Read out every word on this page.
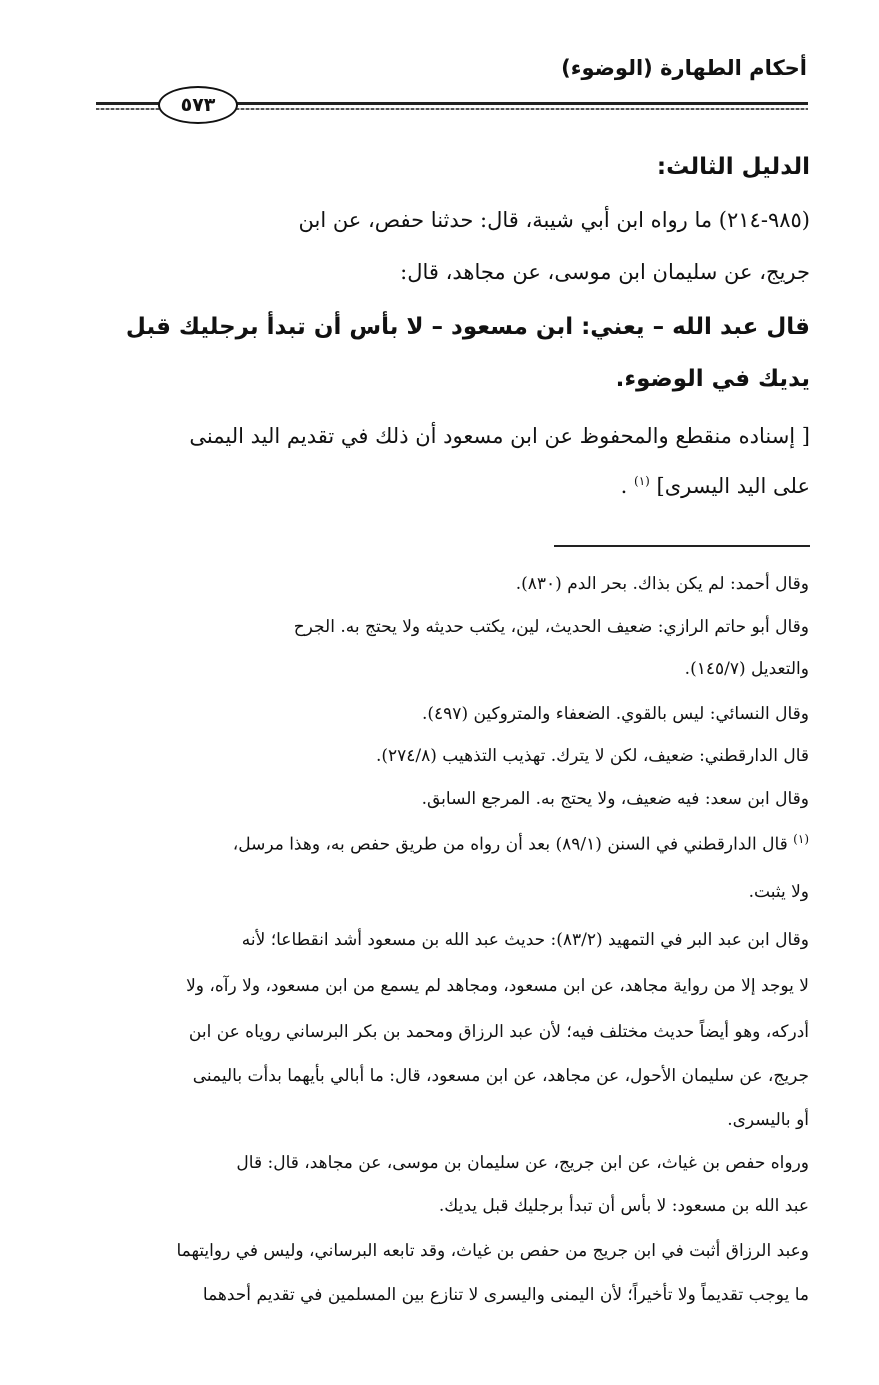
أحكام الطهارة (الوضوء)
٥٧٣
الدليل الثالث:
(٩٨٥-٢١٤) ما رواه ابن أبي شيبة، قال: حدثنا حفص، عن ابن
جريج، عن سليمان ابن موسى، عن مجاهد، قال:
قال عبد الله – يعني: ابن مسعود – لا بأس أن تبدأ برجليك قبل
يديك في الوضوء.
[ إسناده منقطع والمحفوظ عن ابن مسعود أن ذلك في تقديم اليد اليمنى
على اليد اليسرى] $^{(١)}$ .
وقال أحمد: لم يكن بذاك. بحر الدم (٨٣٠).
وقال أبو حاتم الرازي: ضعيف الحديث، لين، يكتب حديثه ولا يحتج به. الجرح
والتعديل (١٤٥/٧).
وقال النسائي: ليس بالقوي. الضعفاء والمتروكين (٤٩٧).
قال الدارقطني: ضعيف، لكن لا يترك. تهذيب التذهيب (٢٧٤/٨).
وقال ابن سعد: فيه ضعيف، ولا يحتج به. المرجع السابق.
$^{(١)}$ قال الدارقطني في السنن (٨٩/١) بعد أن رواه من طريق حفص به، وهذا مرسل،
ولا يثبت.
وقال ابن عبد البر في التمهيد (٨٣/٢): حديث عبد الله بن مسعود أشد انقطاعا؛ لأنه
لا يوجد إلا من رواية مجاهد، عن ابن مسعود، ومجاهد لم يسمع من ابن مسعود، ولا رآه، ولا
أدركه، وهو أيضاً حديث مختلف فيه؛ لأن عبد الرزاق ومحمد بن بكر البرساني روياه عن ابن
جريج، عن سليمان الأحول، عن مجاهد، عن ابن مسعود، قال: ما أبالي بأيهما بدأت باليمنى
أو باليسرى.
ورواه حفص بن غياث، عن ابن جريج، عن سليمان بن موسى، عن مجاهد، قال: قال
عبد الله بن مسعود: لا بأس أن تبدأ برجليك قبل يديك.
وعبد الرزاق أثبت في ابن جريج من حفص بن غياث، وقد تابعه البرساني، وليس في روايتهما
ما يوجب تقديماً ولا تأخيراً؛ لأن اليمنى واليسرى لا تنازع بين المسلمين في تقديم أحدهما
